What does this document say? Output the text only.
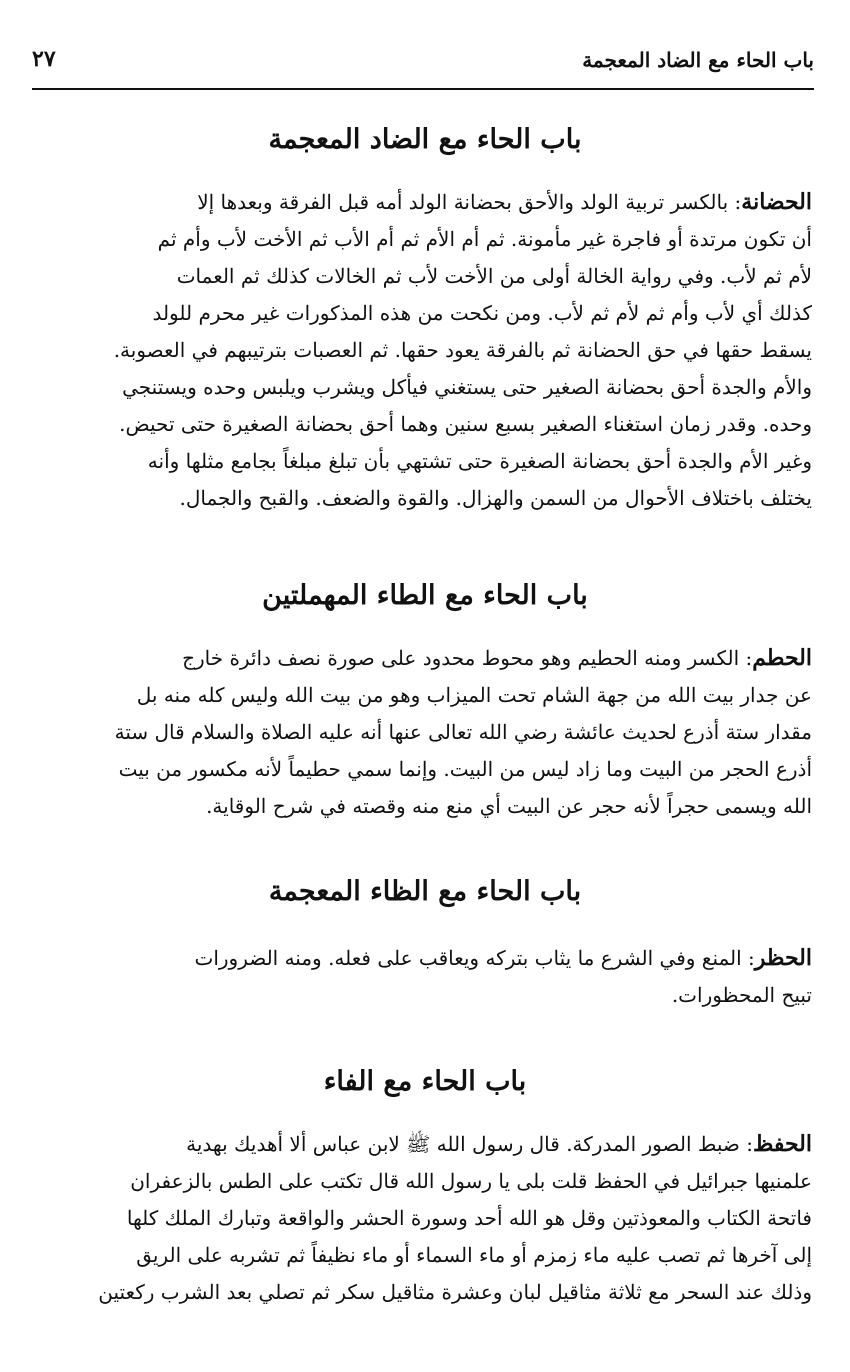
باب الحاء مع الضاد المعجمة
٢٧
باب الحاء مع الضاد المعجمة

الحضانة: بالكسر تربية الولد والأحق بحضانة الولد أمه قبل الفرقة وبعدها إلا
أن تكون مرتدة أو فاجرة غير مأمونة. ثم أم الأم ثم أم الأب ثم الأخت لأب وأم ثم
لأم ثم لأب. وفي رواية الخالة أولى من الأخت لأب ثم الخالات كذلك ثم العمات
كذلك أي لأب وأم ثم لأم ثم لأب. ومن نكحت من هذه المذكورات غير محرم للولد
يسقط حقها في حق الحضانة ثم بالفرقة يعود حقها. ثم العصبات بترتيبهم في العصوبة.
والأم والجدة أحق بحضانة الصغير حتى يستغني فيأكل ويشرب ويلبس وحده ويستنجي
وحده. وقدر زمان استغناء الصغير بسبع سنين وهما أحق بحضانة الصغيرة حتى تحيض.
وغير الأم والجدة أحق بحضانة الصغيرة حتى تشتهي بأن تبلغ مبلغاً بجامع مثلها وأنه
يختلف باختلاف الأحوال من السمن والهزال. والقوة والضعف. والقبح والجمال.

باب الحاء مع الطاء المهملتين

الحطم: الكسر ومنه الحطيم وهو محوط محدود على صورة نصف دائرة خارج
عن جدار بيت الله من جهة الشام تحت الميزاب وهو من بيت الله وليس كله منه بل
مقدار ستة أذرع لحديث عائشة رضي الله تعالى عنها أنه عليه الصلاة والسلام قال ستة
أذرع الحجر من البيت وما زاد ليس من البيت. وإنما سمي حطيماً لأنه مكسور من بيت
الله ويسمى حجراً لأنه حجر عن البيت أي منع منه وقصته في شرح الوقاية.

باب الحاء مع الظاء المعجمة

الحظر: المنع وفي الشرع ما يثاب بتركه ويعاقب على فعله. ومنه الضرورات
تبيح المحظورات.

باب الحاء مع الفاء

الحفظ: ضبط الصور المدركة. قال رسول الله ﷺ لابن عباس ألا أهديك بهدية
علمنيها جبرائيل في الحفظ قلت بلى يا رسول الله قال تكتب على الطس بالزعفران
فاتحة الكتاب والمعوذتين وقل هو الله أحد وسورة الحشر والواقعة وتبارك الملك كلها
إلى آخرها ثم تصب عليه ماء زمزم أو ماء السماء أو ماء نظيفاً ثم تشربه على الريق
وذلك عند السحر مع ثلاثة مثاقيل لبان وعشرة مثاقيل سكر ثم تصلي بعد الشرب ركعتين
